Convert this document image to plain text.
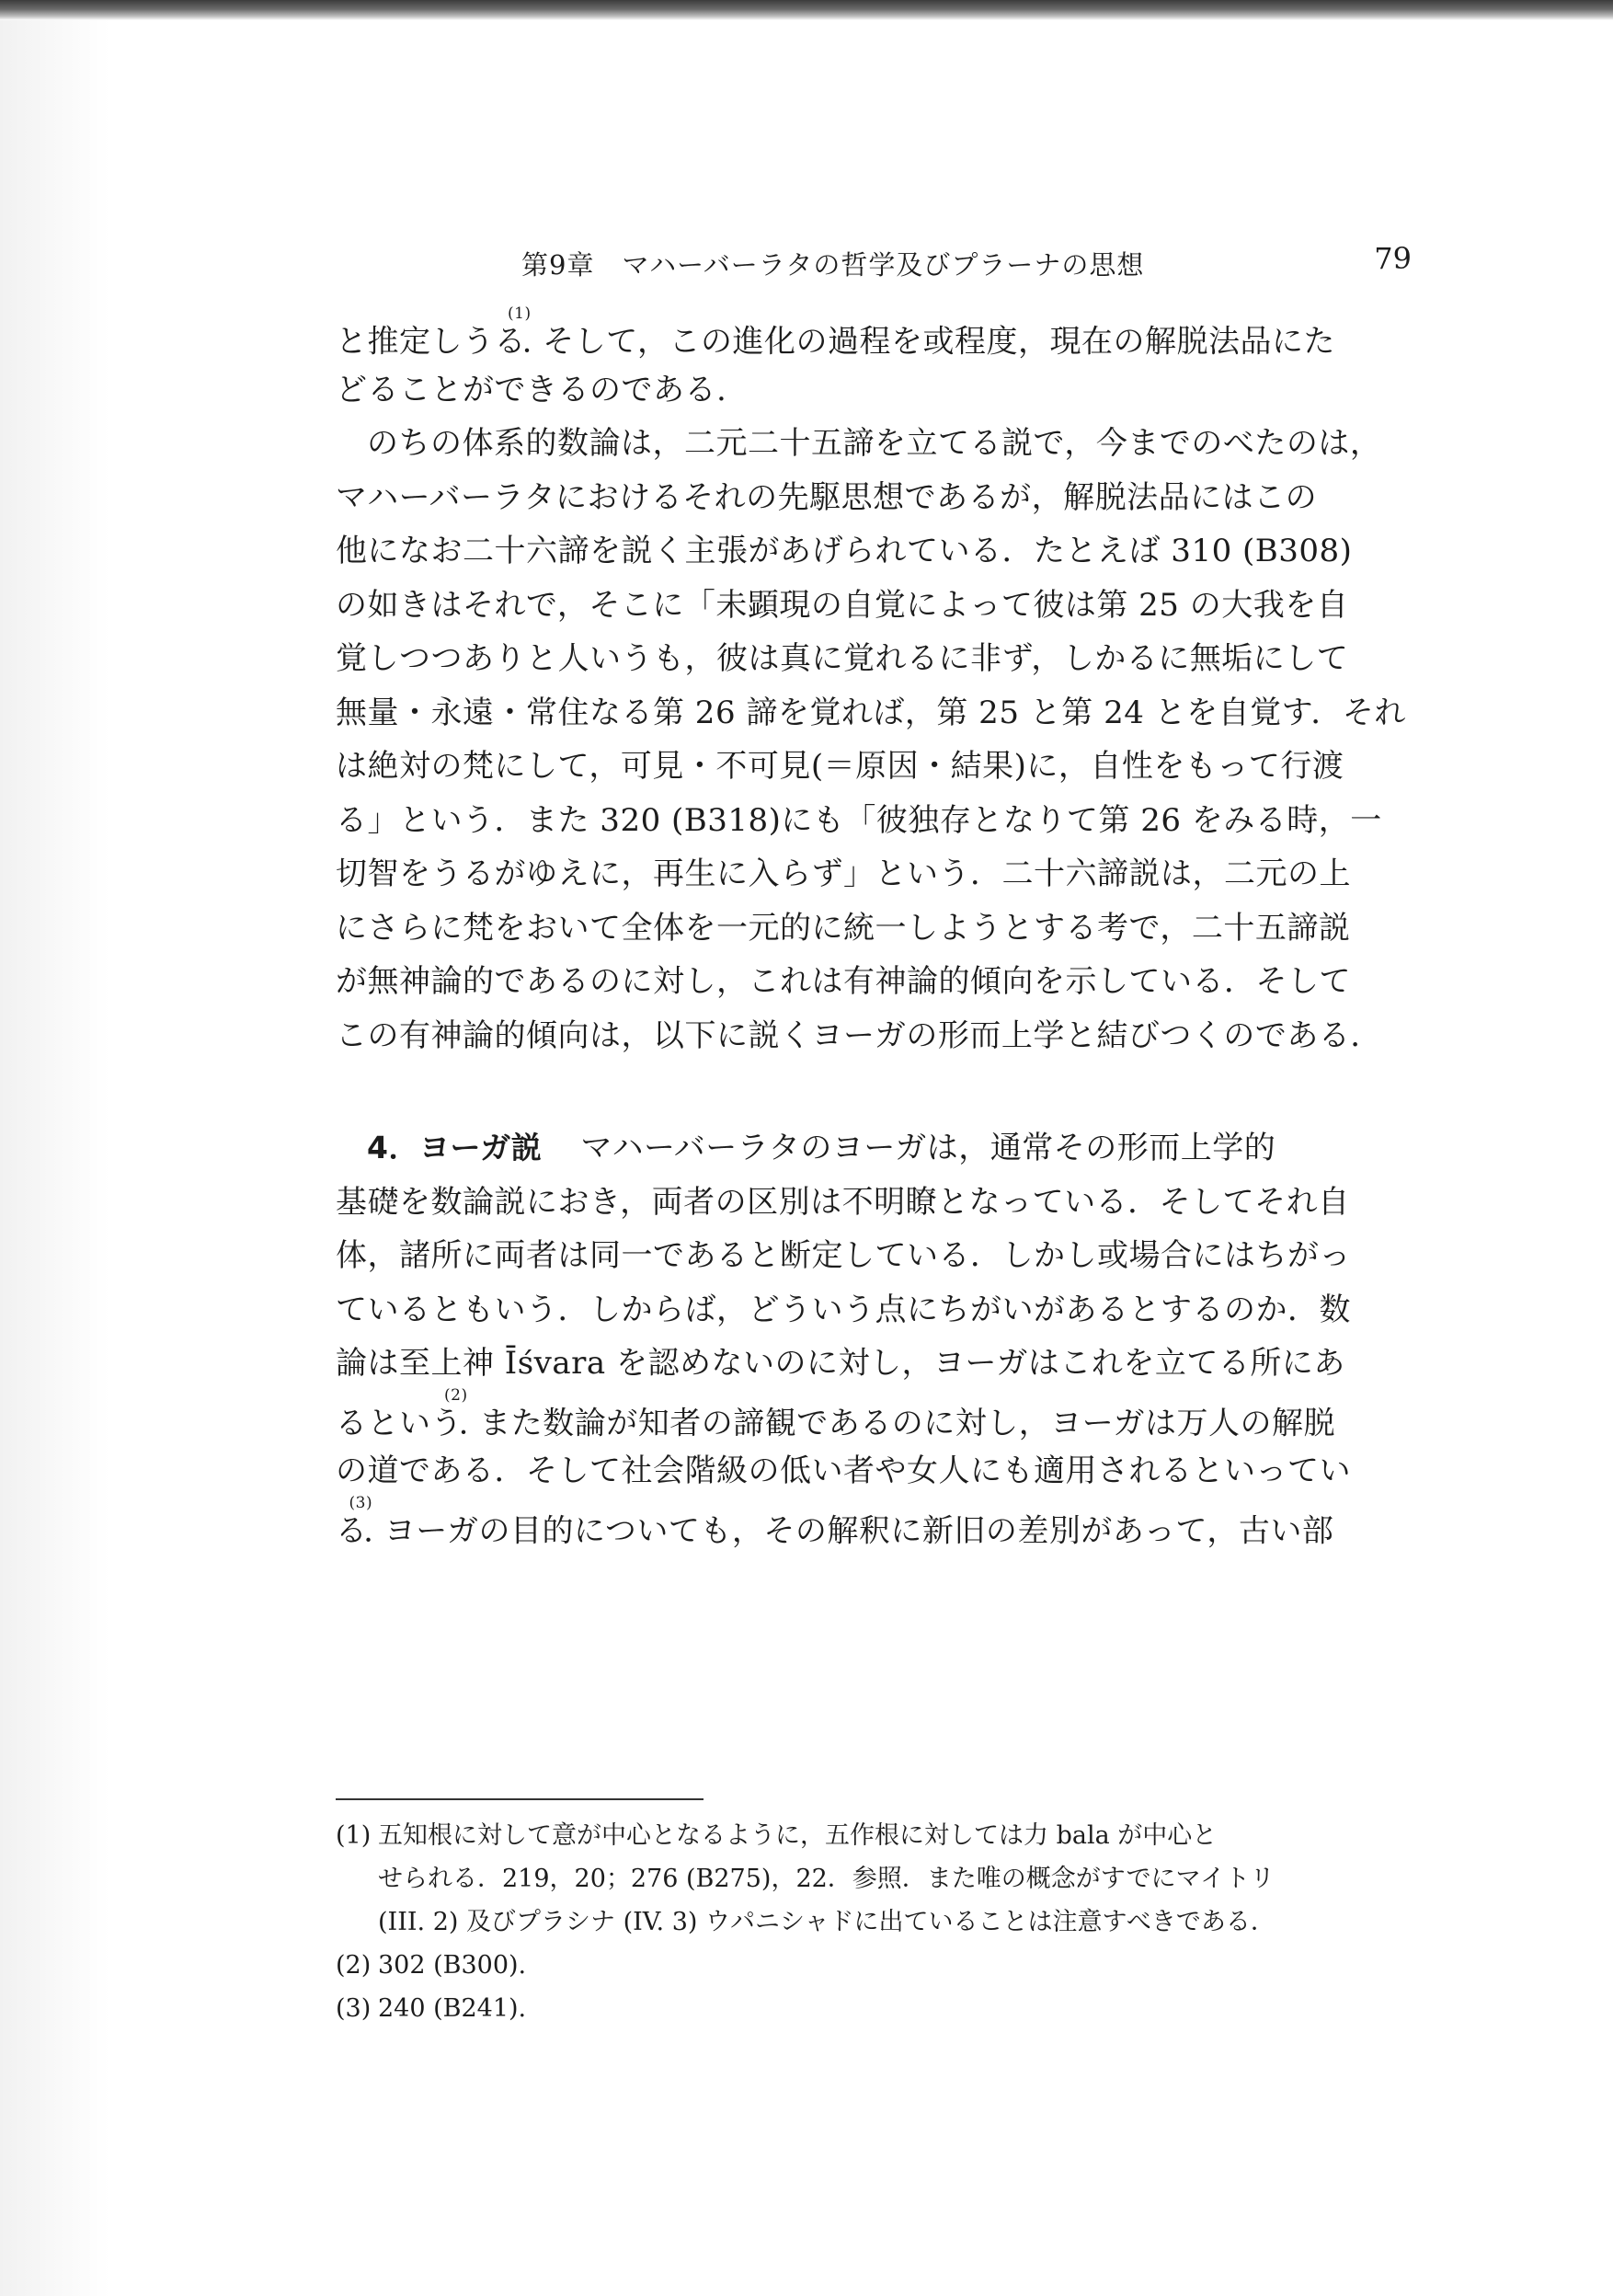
第9章　マハーバーラタの哲学及びプラーナの思想	79
と推定しうる$^{(1)}$. そして，この進化の過程を或程度，現在の解脱法品にた
どることができるのである.
のちの体系的数論は，二元二十五諦を立てる説で，今までのべたのは，
マハーバーラタにおけるそれの先駆思想であるが，解脱法品にはこの
他になお二十六諦を説く主張があげられている．たとえば 310 (B308)
の如きはそれで，そこに「未顕現の自覚によって彼は第 25 の大我を自
覚しつつありと人いうも，彼は真に覚れるに非ず，しかるに無垢にして
無量・永遠・常住なる第 26 諦を覚れば，第 25 と第 24 とを自覚す．それ
は絶対の梵にして，可見・不可見(＝原因・結果)に，自性をもって行渡
る」という．また 320 (B318)にも「彼独存となりて第 26 をみる時，一
切智をうるがゆえに，再生に入らず」という．二十六諦説は，二元の上
にさらに梵をおいて全体を一元的に統一しようとする考で，二十五諦説
が無神論的であるのに対し，これは有神論的傾向を示している．そして
この有神論的傾向は，以下に説くヨーガの形而上学と結びつくのである．
4．ヨーガ説 マハーバーラタのヨーガは，通常その形而上学的
基礎を数論説におき，両者の区別は不明瞭となっている．そしてそれ自
体，諸所に両者は同一であると断定している．しかし或場合にはちがっ
ているともいう．しからば，どういう点にちがいがあるとするのか．数
論は至上神 Īśvara を認めないのに対し，ヨーガはこれを立てる所にあ
るという$^{(2)}$. また数論が知者の諦観であるのに対し，ヨーガは万人の解脱
の道である．そして社会階級の低い者や女人にも適用されるといってい
る$^{(3)}$. ヨーガの目的についても，その解釈に新旧の差別があって，古い部
(1) 五知根に対して意が中心となるように，五作根に対しては力 bala が中心と
せられる．219，20；276 (B275)，22．参照．また唯の概念がすでにマイトリ
(III. 2) 及びプラシナ (IV. 3) ウパニシャドに出ていることは注意すべきである．
(2) 302 (B300).
(3) 240 (B241).
